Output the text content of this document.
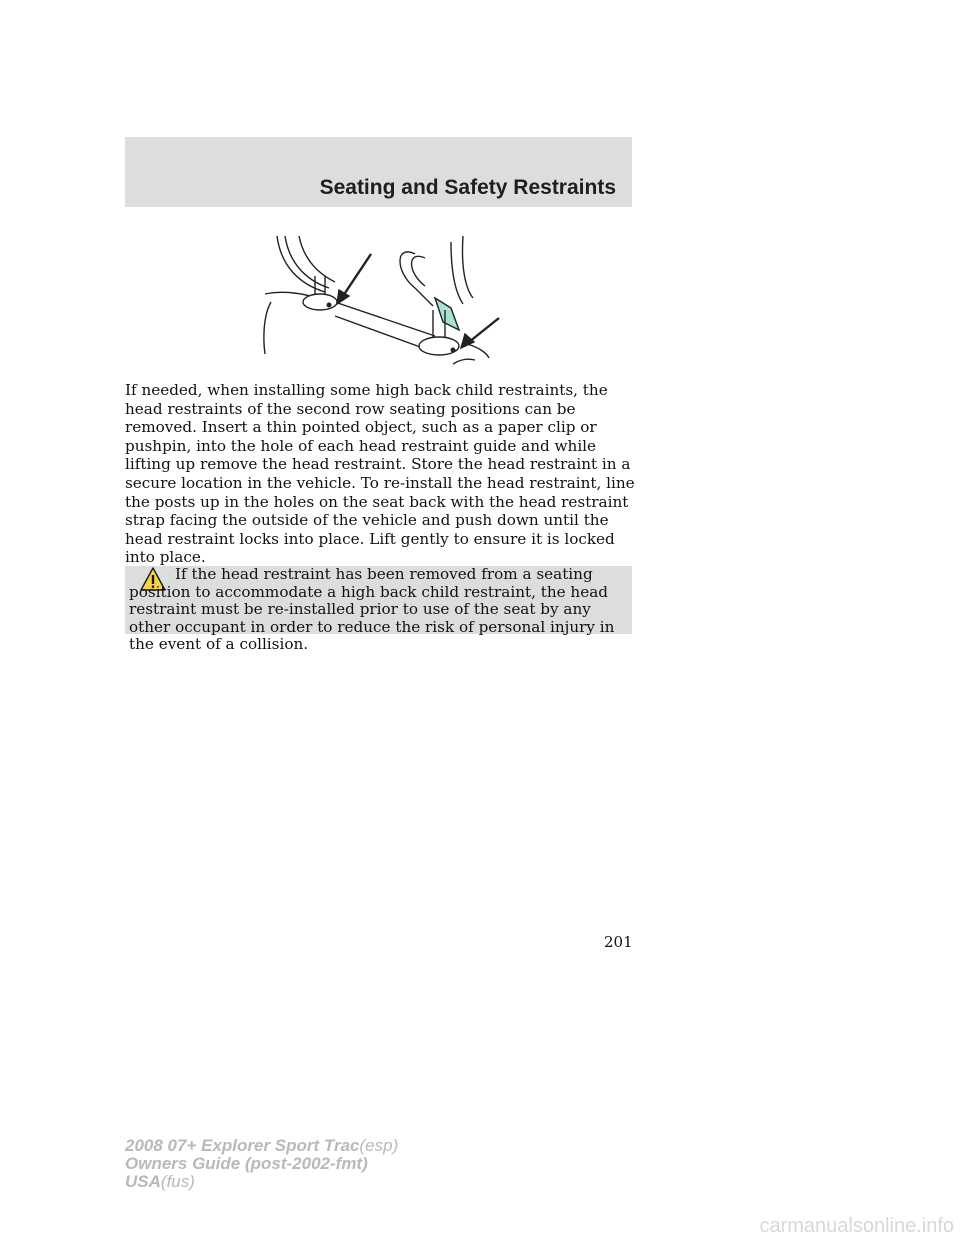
Seating and Safety Restraints

If needed, when installing some high back child restraints, the head restraints of the second row seating positions can be removed. Insert a thin pointed object, such as a paper clip or pushpin, into the hole of each head restraint guide and while lifting up remove the head restraint. Store the head restraint in a secure location in the vehicle. To re-install the head restraint, line the posts up in the holes on the seat back with the head restraint strap facing the outside of the vehicle and push down until the head restraint locks into place. Lift gently to ensure it is locked into place.

If the head restraint has been removed from a seating position to accommodate a high back child restraint, the head restraint must be re-installed prior to use of the seat by any other occupant in order to reduce the risk of personal injury in the event of a collision.

201
2008 07+ Explorer Sport Trac(esp)
Owners Guide (post-2002-fmt)
USA(fus)
carmanualsonline.info
